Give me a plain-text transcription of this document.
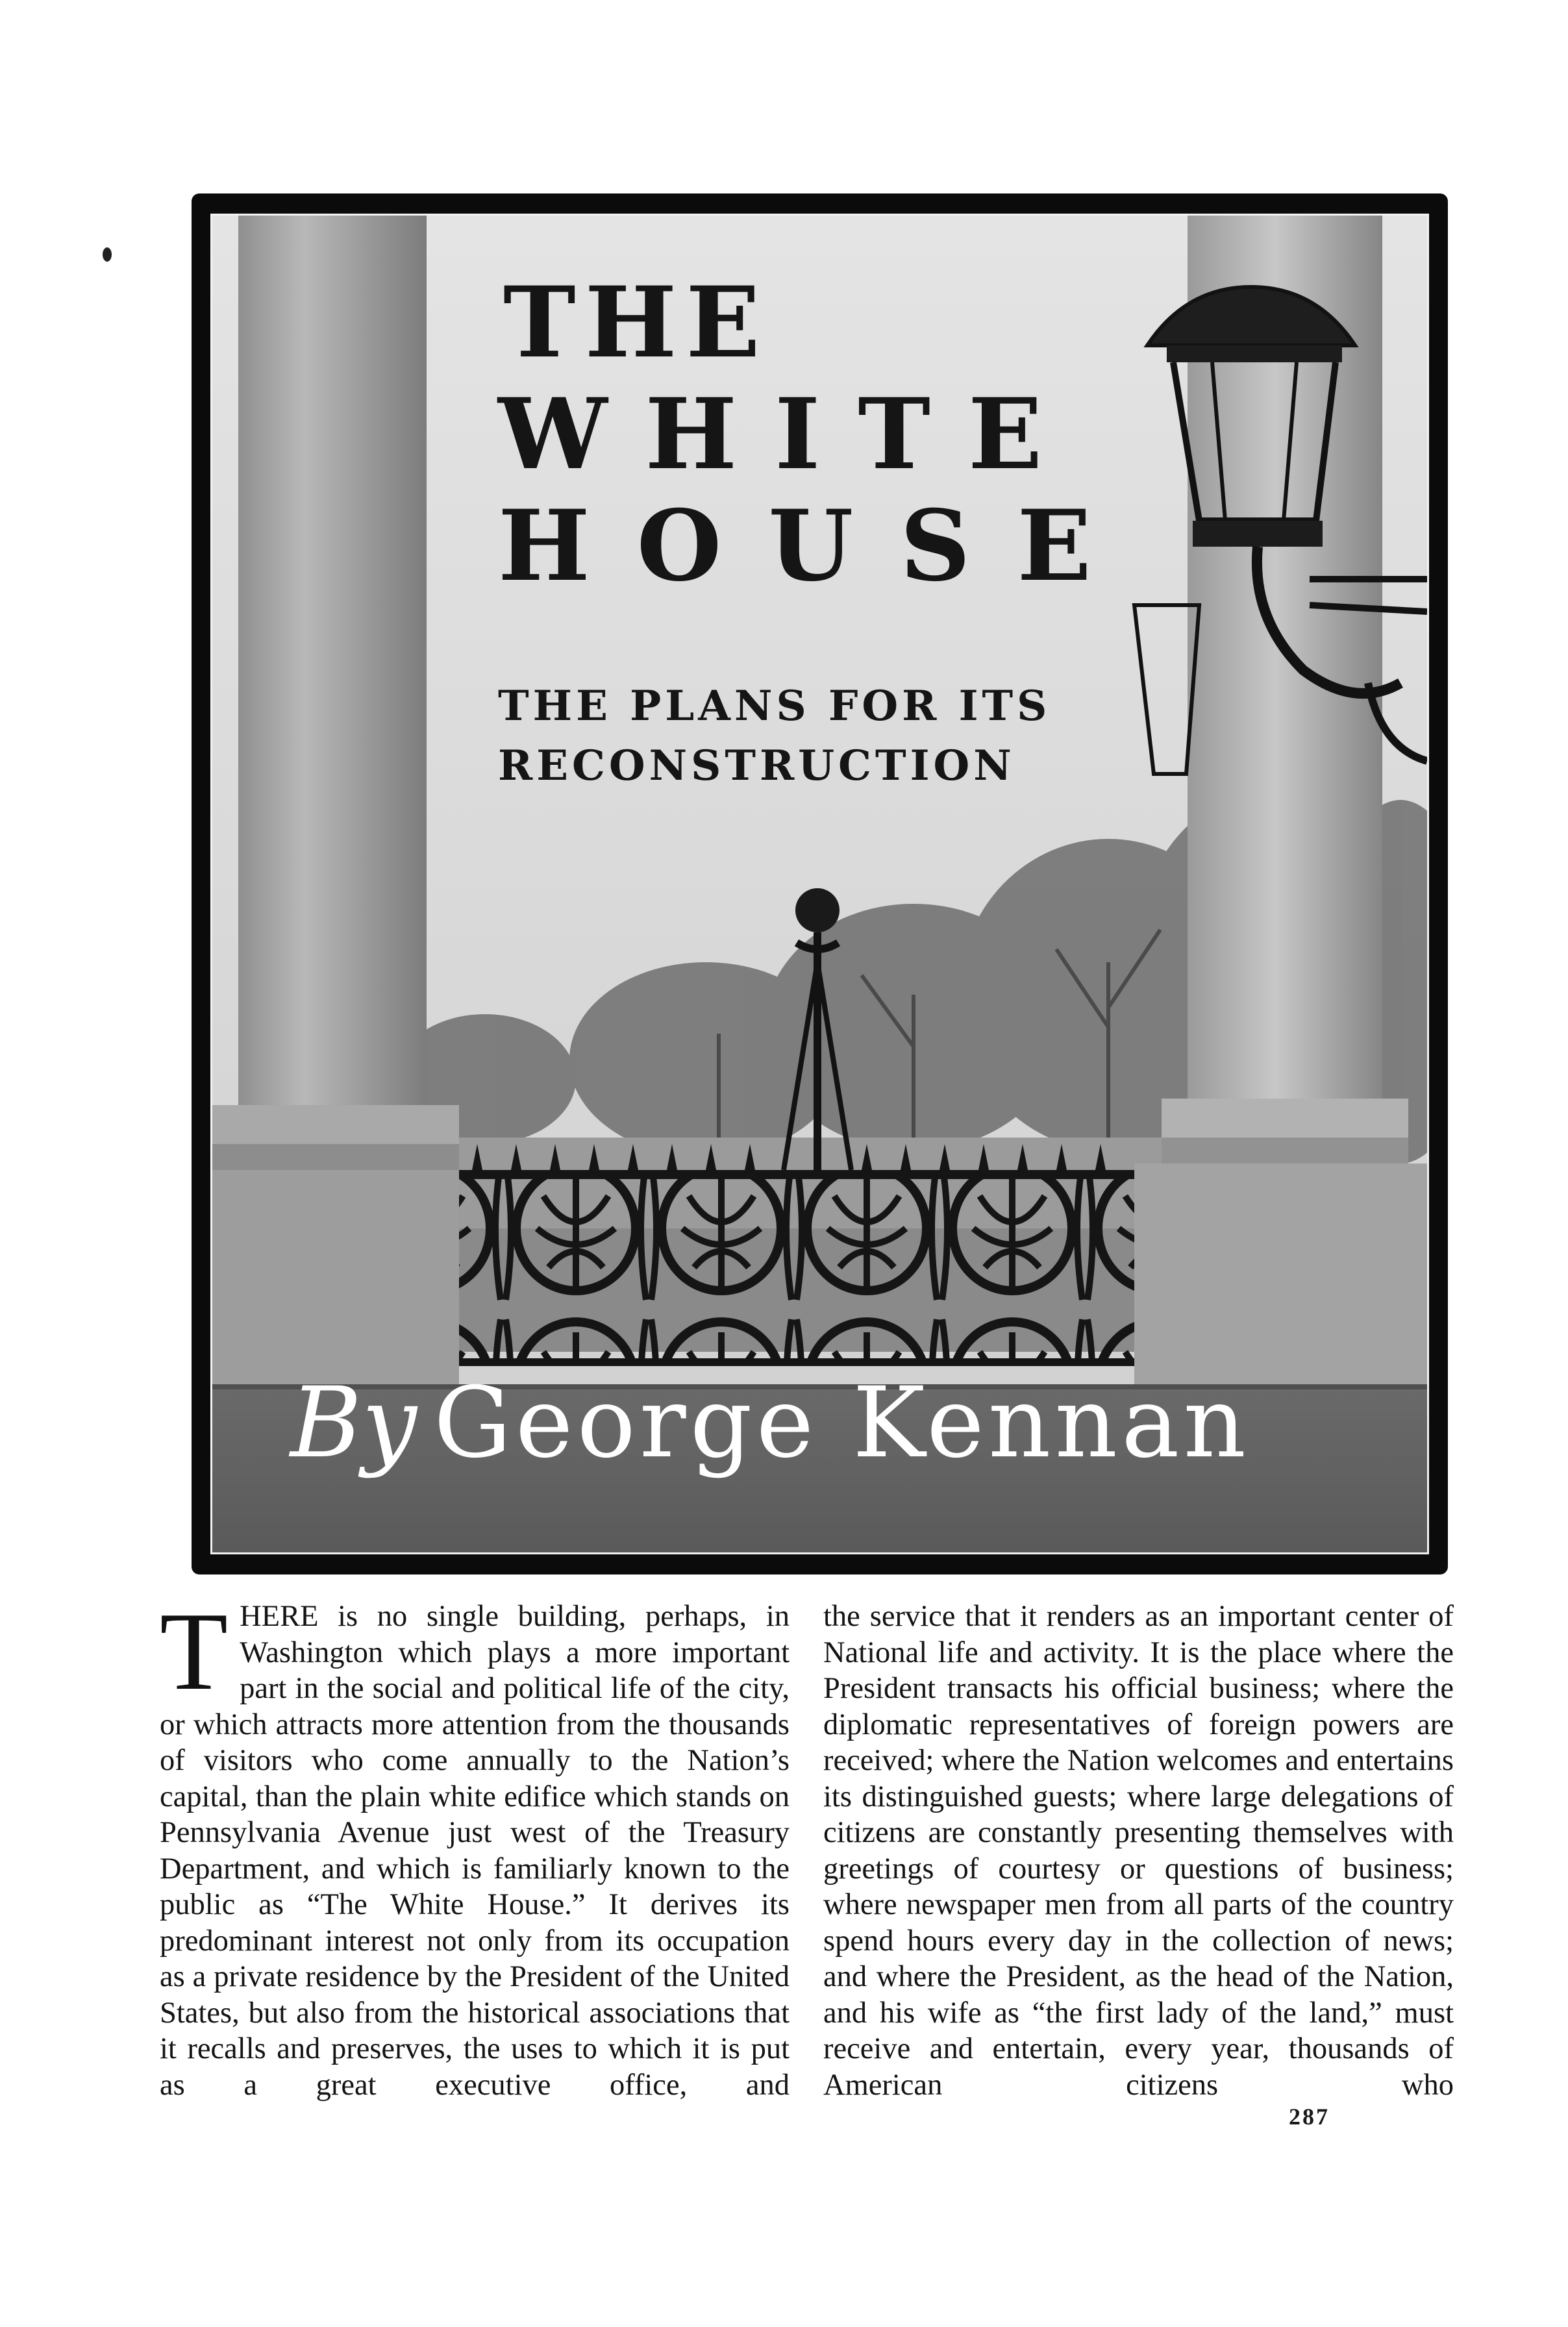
THE
WHITE
HOUSE
THE PLANS FOR ITS
RECONSTRUCTION
By George Kennan
T HERE is no single building, perhaps, in Washington which plays a more important part in the social and political life of the city, or which attracts more attention from the thousands of visitors who come annually to the Nation’s capital, than the plain white edifice which stands on Pennsylvania Avenue just west of the Treasury Department, and which is familiarly known to the public as “The White House.” It derives its predominant interest not only from its occupation as a private residence by the President of the United States, but also from the historical associations that it recalls and preserves, the uses to which it is put as a great executive office, and

the service that it renders as an important center of National life and activity. It is the place where the President transacts his official business; where the diplomatic representatives of foreign powers are received; where the Nation welcomes and entertains its distinguished guests; where large delegations of citizens are constantly presenting themselves with greetings of courtesy or questions of business; where newspaper men from all parts of the country spend hours every day in the collection of news; and where the President, as the head of the Nation, and his wife as “the first lady of the land,” must receive and entertain, every year, thousands of American citizens who

287
